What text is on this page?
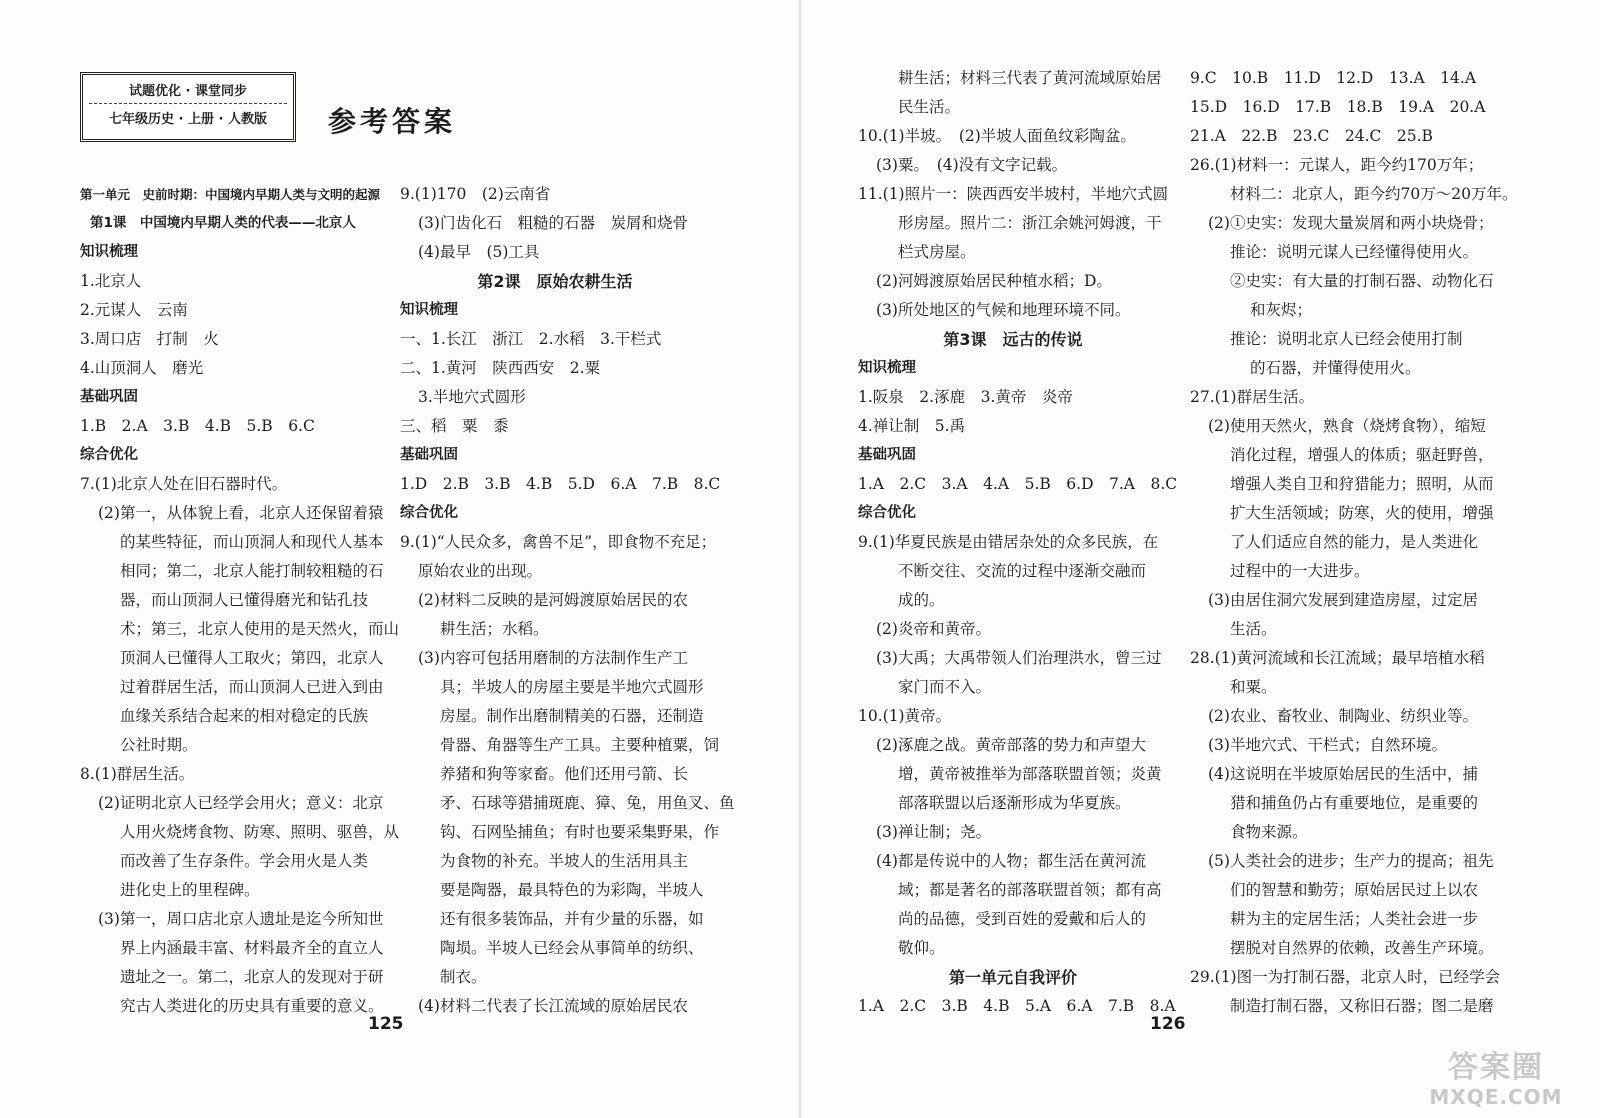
试题优化 · 课堂同步
七年级历史 · 上册 · 人教版	参考答案
第一单元　史前时期：中国境内早期人类与文明的起源
第1课　中国境内早期人类的代表——北京人
知识梳理
1.北京人
2.元谋人　云南
3.周口店　打制　火
4.山顶洞人　磨光
基础巩固
1.B　2.A　3.B　4.B　5.B　6.C
综合优化
7.(1)北京人处在旧石器时代。
(2)第一，从体貌上看，北京人还保留着猿
的某些特征，而山顶洞人和现代人基本
相同；第二，北京人能打制较粗糙的石
器，而山顶洞人已懂得磨光和钻孔技
术；第三，北京人使用的是天然火，而山
顶洞人已懂得人工取火；第四，北京人
过着群居生活，而山顶洞人已进入到由
血缘关系结合起来的相对稳定的氏族
公社时期。
8.(1)群居生活。
(2)证明北京人已经学会用火；意义：北京
人用火烧烤食物、防寒、照明、驱兽，从
而改善了生存条件。学会用火是人类
进化史上的里程碑。
(3)第一，周口店北京人遗址是迄今所知世
界上内涵最丰富、材料最齐全的直立人
遗址之一。第二，北京人的发现对于研
究古人类进化的历史具有重要的意义。
9.(1)170　(2)云南省
(3)门齿化石　粗糙的石器　炭屑和烧骨
(4)最早　(5)工具
第2课　原始农耕生活
知识梳理
一、1.长江　浙江　2.水稻　3.干栏式
二、1.黄河　陕西西安　2.粟
3.半地穴式圆形
三、稻　粟　黍
基础巩固
1.D　2.B　3.B　4.B　5.D　6.A　7.B　8.C
综合优化
9.(1)“人民众多，禽兽不足”，即食物不充足；
原始农业的出现。
(2)材料二反映的是河姆渡原始居民的农
耕生活；水稻。
(3)内容可包括用磨制的方法制作生产工
具；半坡人的房屋主要是半地穴式圆形
房屋。制作出磨制精美的石器，还制造
骨器、角器等生产工具。主要种植粟，饲
养猪和狗等家畜。他们还用弓箭、长
矛、石球等猎捕斑鹿、獐、兔，用鱼叉、鱼
钩、石网坠捕鱼；有时也要采集野果，作
为食物的补充。半坡人的生活用具主
要是陶器，最具特色的为彩陶，半坡人
还有很多装饰品，并有少量的乐器，如
陶埙。半坡人已经会从事简单的纺织、
制衣。
(4)材料二代表了长江流域的原始居民农
125
耕生活；材料三代表了黄河流域原始居
民生活。
10.(1)半坡。　(2)半坡人面鱼纹彩陶盆。
(3)粟。　(4)没有文字记载。
11.(1)照片一：陕西西安半坡村，半地穴式圆
形房屋。照片二：浙江余姚河姆渡，干
栏式房屋。
(2)河姆渡原始居民种植水稻；D。
(3)所处地区的气候和地理环境不同。
第3课　远古的传说
知识梳理
1.阪泉　2.涿鹿　3.黄帝　炎帝
4.禅让制　5.禹
基础巩固
1.A　2.C　3.A　4.A　5.B　6.D　7.A　8.C
综合优化
9.(1)华夏民族是由错居杂处的众多民族，在
不断交往、交流的过程中逐渐交融而
成的。
(2)炎帝和黄帝。
(3)大禹；大禹带领人们治理洪水，曾三过
家门而不入。
10.(1)黄帝。
(2)涿鹿之战。黄帝部落的势力和声望大
增，黄帝被推举为部落联盟首领；炎黄
部落联盟以后逐渐形成为华夏族。
(3)禅让制；尧。
(4)都是传说中的人物；都生活在黄河流
域；都是著名的部落联盟首领；都有高
尚的品德，受到百姓的爱戴和后人的
敬仰。
第一单元自我评价
1.A　2.C　3.B　4.B　5.A　6.A　7.B　8.A
9.C　10.B　11.D　12.D　13.A　14.A
15.D　16.D　17.B　18.B　19.A　20.A
21.A　22.B　23.C　24.C　25.B
26.(1)材料一：元谋人，距今约170万年；
材料二：北京人，距今约70万～20万年。
(2)①史实：发现大量炭屑和两小块烧骨；
推论：说明元谋人已经懂得使用火。
②史实：有大量的打制石器、动物化石
和灰烬；
推论：说明北京人已经会使用打制
的石器，并懂得使用火。
27.(1)群居生活。
(2)使用天然火，熟食（烧烤食物），缩短
消化过程，增强人的体质；驱赶野兽，
增强人类自卫和狩猎能力；照明，从而
扩大生活领域；防寒，火的使用，增强
了人们适应自然的能力，是人类进化
过程中的一大进步。
(3)由居住洞穴发展到建造房屋，过定居
生活。
28.(1)黄河流域和长江流域；最早培植水稻
和粟。
(2)农业、畜牧业、制陶业、纺织业等。
(3)半地穴式、干栏式；自然环境。
(4)这说明在半坡原始居民的生活中，捕
猎和捕鱼仍占有重要地位，是重要的
食物来源。
(5)人类社会的进步；生产力的提高；祖先
们的智慧和勤劳；原始居民过上以农
耕为主的定居生活；人类社会进一步
摆脱对自然界的依赖，改善生产环境。
29.(1)图一为打制石器，北京人时，已经学会
制造打制石器，又称旧石器；图二是磨
126
答案圈
MXQE.COM
